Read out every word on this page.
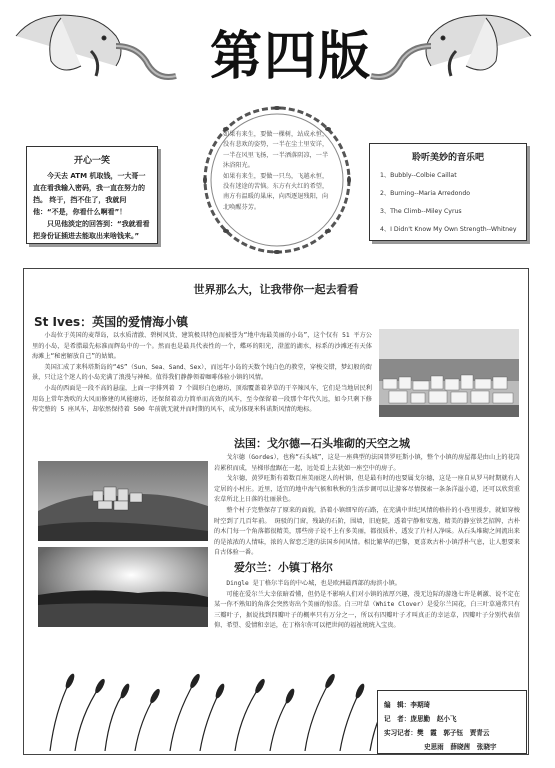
第四版
如果有来生，要做一棵树，站成永恒，没有悲欢的姿势，一半在尘土里安详，一半在风里飞扬，一半洒落阴凉，一半沐浴阳光。
如果有来生，要做一只鸟，飞越永恒，没有迷途的苦恼。东方有火红的希望，南方有温暖的巢床，向西逐退残阳，向北唤醒芬芳。
开心一笑
今天去 ATM 机取钱，一大哥一直在看我输入密码，我一直在努力的挡。 终于，挡不住了，我就问他：“不是，你看什么啊看”！
只见他淡定的回答到：“我就看看把身份证插进去能取出来啥钱来。”
聆听美妙的音乐吧
1、Bubbly--Colbie Caillat
2、Burning--Maria Arredondo
3、The Climb--Miley Cyrus
4、I Didn't Know My Own Strength--Whitney
世界那么大，让我带你一起去看看
St Ives：英国的爱情海小镇
小岛位于英国的麦帮岛，以水质清澈、碧树风货、建筑极具特色而被誉为“地中海最美丽的小岛”，这个仅有 51 平方公里的小岛，是希腊最先标准而辉岛中的一个。然而也是最具代表性的一个，蝶环的阳光，澄蓝的湖水，标系的沙滩还有天体海滩上“秘密解放自己”的姑娘。
美国汇成了来科塔斯岛的“4S”（Sun、Sea、Sand、Sex），而远年小岛的天数个纯白色的教堂，穿梭交错，梦幻般的街景，只让这个迷人的小岛充满了浪漫与神秘。值得我们静静领着咖啡体验小镇的风情。
小岛的西面是一段不高的悬崖，上面一字排列着 7 个圆形白色磨坊，顶端覆盖着茅草的干辛辣风车，它们是当地居民利用岛上常年劲吹的大风而修建的风能磨坊，还保留着动力简单而高效的风车，至今保留着一段那个年代久远，如今只剩下修传完整的 5 座风车，却依然保持着 500 年前就无就并而时期的风车，成为体现米科诺斯风情的地标。
法国：戈尔德—石头堆砌的天空之城
戈尔德（Gordes），也称“石头城”，这是一座典型的法国普罗旺斯小镇，整个小镇的房屋都是由山上的花岗岩累积而成，呈梯形盘踞在一起，远处看上去犹如一座空中的房子。
戈尔德，黄罗旺斯有着数百座美丽迷人的村镇，但是最有时的也要属戈尔德，这是一座自从罗马时期就有人定居的小村庄。近里，适宜的地中海气候和秋秋的生活步调可以让游客尽情探索一条条洋溢小道，还可以欣赏重农草所北上日落的壮丽景色。
整个村子完整保存了原来的面貌，沿着小镇细窄的石路，在充满中世纪风情的格扑的小巷里漫步，就如穿梭时空到了几百年前。 斑驳的门窗，残缺的石阶，围墙，旧庭院，透着宁静和安逸，精美的静室铁艺招牌，古朴的木门每一个角落都很精美，那些房子说不上有多美丽，都很质朴，透发了片村人净味。从石头堆砌之间流出来的是浓浓的人情味，浓的人留恋乏迷的法国乡间风情。相比繁华的巴黎，更喜欢古朴小镇浮朴气息，让人想要来自古体验一番。
爱尔兰：小镇丁格尔
Dingle 是丁格尔半岛的中心城，也是欧洲最西部的海滨小镇。
可能在爱尔兰大幸依暗看懂，但仍是不影响人们对小镇的浓厚兴趣，漫无边际的游逸七许是刺激、说不定在某一你不熟知的角落会突然寄出个美丽的惊喜。白三叶草（White Clover）是爱尔兰国花，白三叶草通常只有三瓣叶子，据说找到四瓣叶子的概率只有万分之一，所以有四瓣叶子才叫真正的幸运草，四瓣叶子分别代表信仰、希望、爱情和幸运，在丁格尔你可以把世间的福祉统统入宝贵。
编　辑：李期琦
记　者：庞思勤　赵小飞
实习记者：樊　霞　郭子钰　贾青云
史思雨　薛晓茜　张晓宇
